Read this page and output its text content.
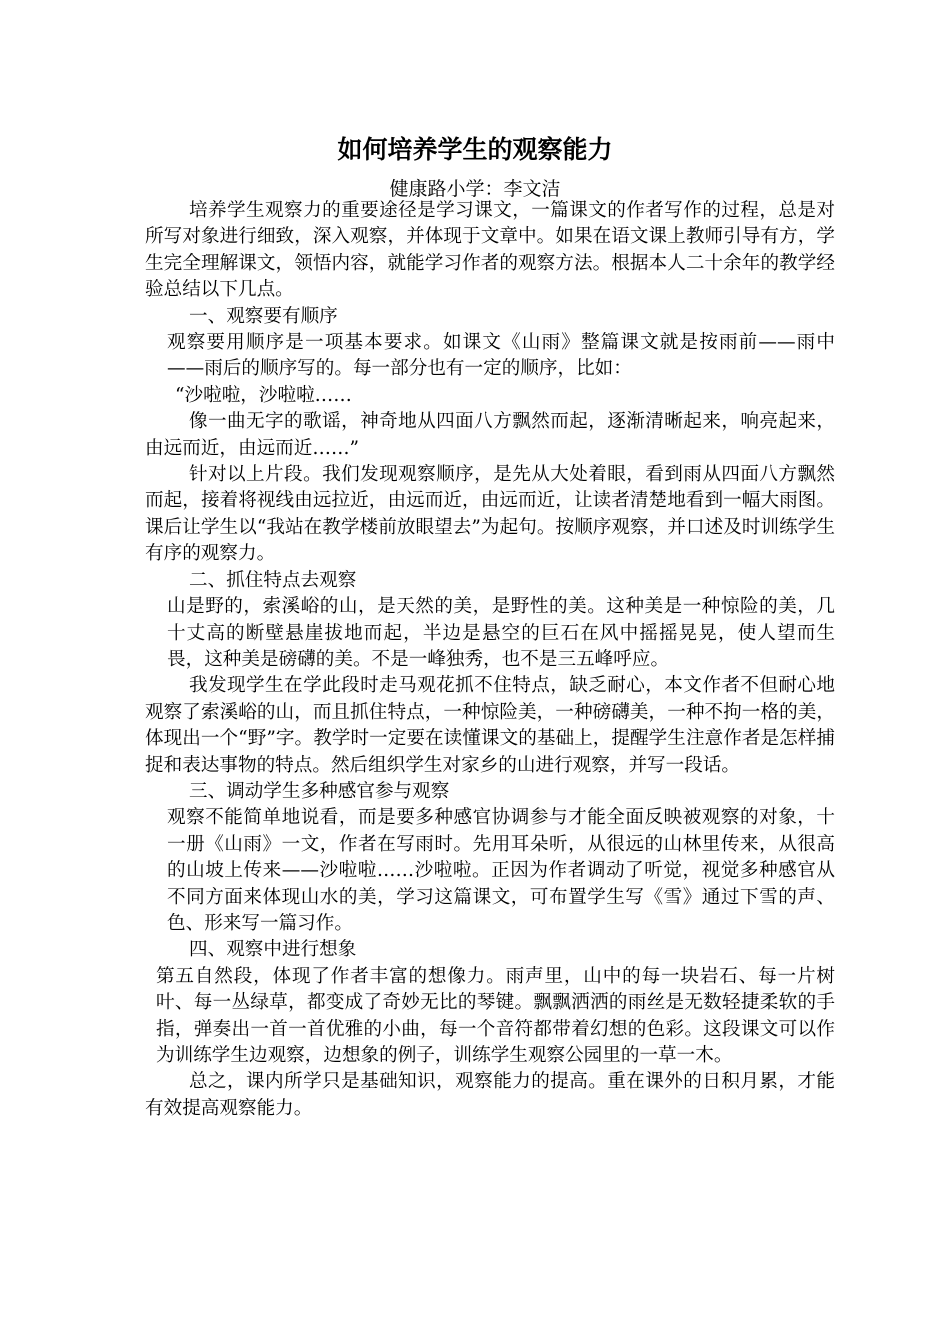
如何培养学生的观察能力
健康路小学：李文洁

培养学生观察力的重要途径是学习课文，一篇课文的作者写作的过程，总是对所写对象进行细致，深入观察，并体现于文章中。如果在语文课上教师引导有方，学生完全理解课文，领悟内容，就能学习作者的观察方法。根据本人二十余年的教学经验总结以下几点。

一、观察要有顺序

观察要用顺序是一项基本要求。如课文《山雨》整篇课文就是按雨前——雨中——雨后的顺序写的。每一部分也有一定的顺序，比如：

“沙啦啦，沙啦啦……

像一曲无字的歌谣，神奇地从四面八方飘然而起，逐渐清晰起来，响亮起来，由远而近，由远而近……”

针对以上片段。我们发现观察顺序，是先从大处着眼，看到雨从四面八方飘然而起，接着将视线由远拉近，由远而近，由远而近，让读者清楚地看到一幅大雨图。课后让学生以“我站在教学楼前放眼望去”为起句。按顺序观察，并口述及时训练学生有序的观察力。

二、抓住特点去观察

山是野的，索溪峪的山，是天然的美，是野性的美。这种美是一种惊险的美，几十丈高的断壁悬崖拔地而起，半边是悬空的巨石在风中摇摇晃晃，使人望而生畏，这种美是磅礴的美。不是一峰独秀，也不是三五峰呼应。

我发现学生在学此段时走马观花抓不住特点，缺乏耐心，本文作者不但耐心地观察了索溪峪的山，而且抓住特点，一种惊险美，一种磅礴美，一种不拘一格的美，体现出一个“野”字。教学时一定要在读懂课文的基础上，提醒学生注意作者是怎样捕捉和表达事物的特点。然后组织学生对家乡的山进行观察，并写一段话。

三、调动学生多种感官参与观察

观察不能简单地说看，而是要多种感官协调参与才能全面反映被观察的对象，十一册《山雨》一文，作者在写雨时。先用耳朵听，从很远的山林里传来，从很高的山坡上传来——沙啦啦……沙啦啦。正因为作者调动了听觉，视觉多种感官从不同方面来体现山水的美，学习这篇课文，可布置学生写《雪》通过下雪的声、色、形来写一篇习作。

四、观察中进行想象

第五自然段，体现了作者丰富的想像力。雨声里，山中的每一块岩石、每一片树叶、每一丛绿草，都变成了奇妙无比的琴键。飘飘洒洒的雨丝是无数轻捷柔软的手指，弹奏出一首一首优雅的小曲，每一个音符都带着幻想的色彩。这段课文可以作为训练学生边观察，边想象的例子，训练学生观察公园里的一草一木。

总之，课内所学只是基础知识，观察能力的提高。重在课外的日积月累，才能有效提高观察能力。
